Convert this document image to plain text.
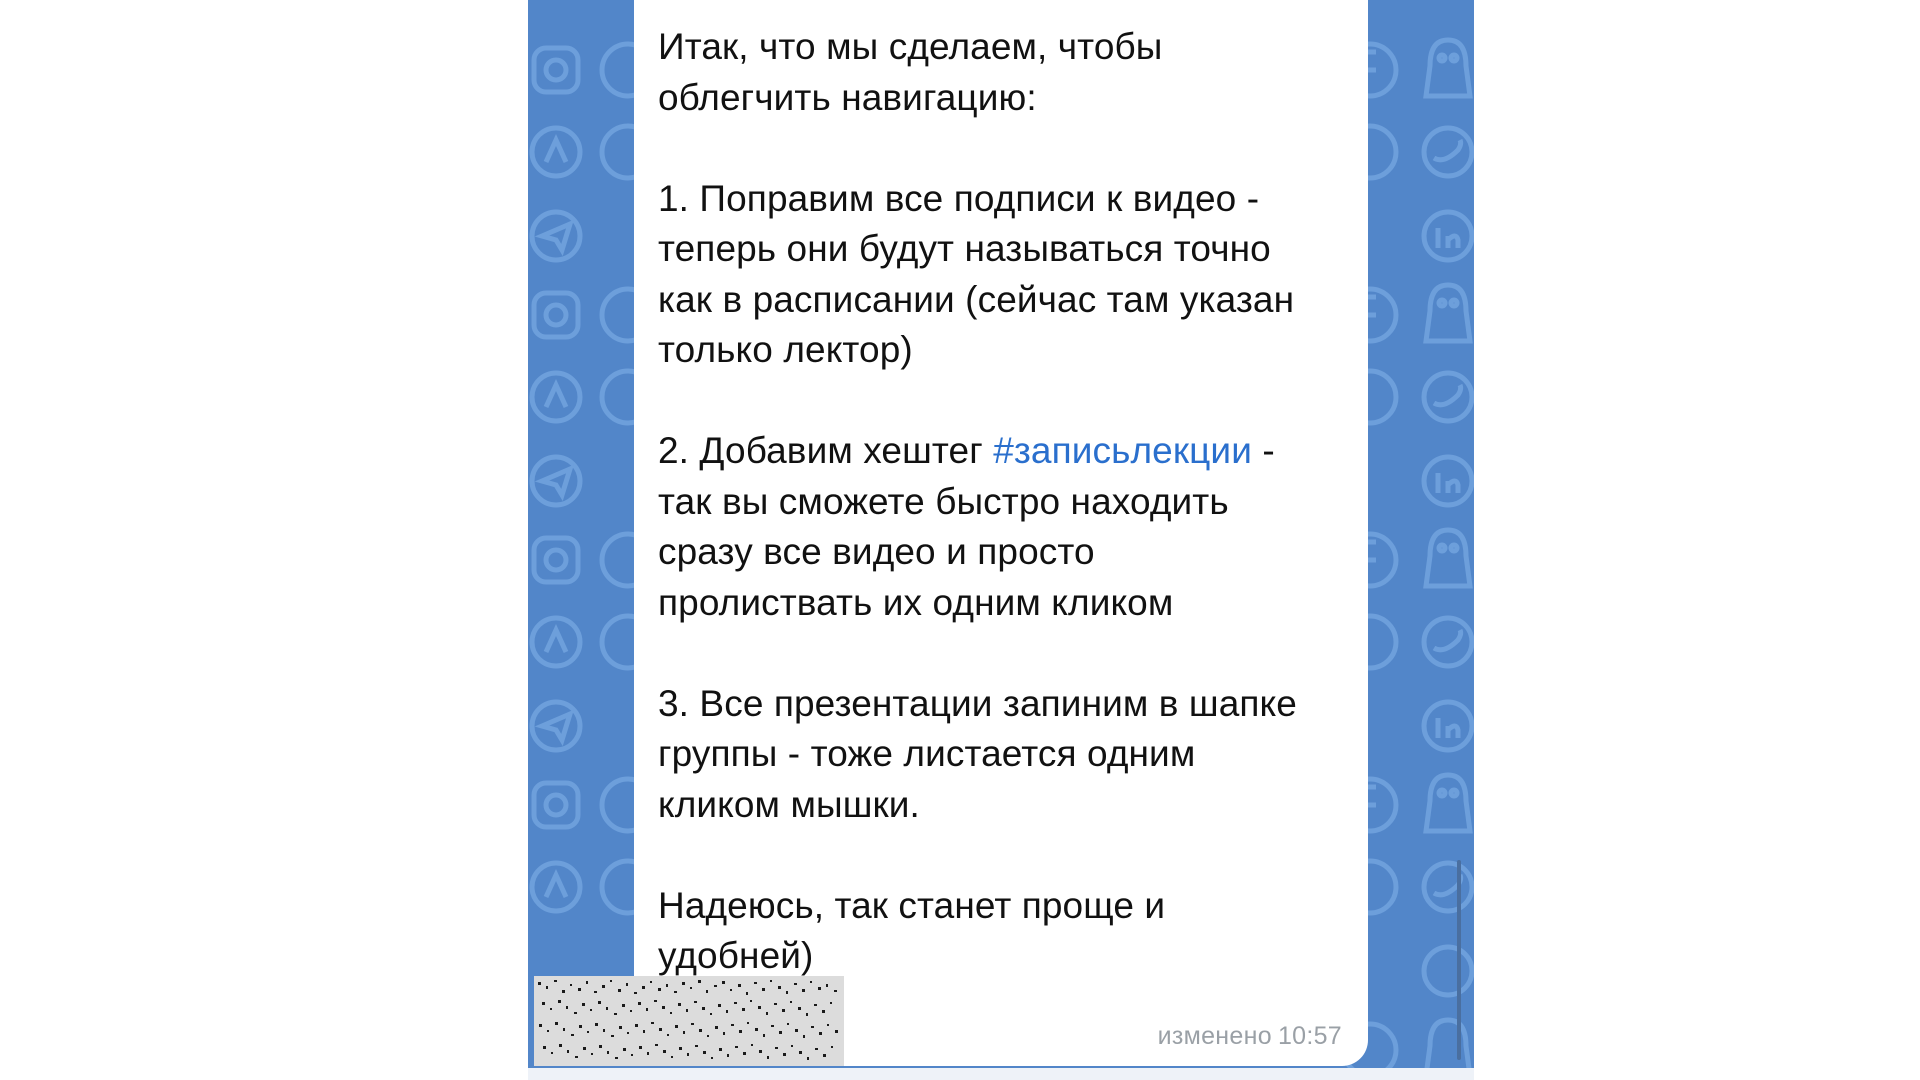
Итак, что мы сделаем, чтобы
облегчить навигацию:

1. Поправим все подписи к видео -
теперь они будут называться точно
как в расписании (сейчас там указан
только лектор)

2. Добавим хештег #записьлекции -
так вы сможете быстро находить
сразу все видео и просто
пролиствать их одним кликом

3. Все презентации запиним в шапке
группы - тоже листается одним
кликом мышки.

Надеюсь, так станет проще и
удобней)

изменено 10:57
